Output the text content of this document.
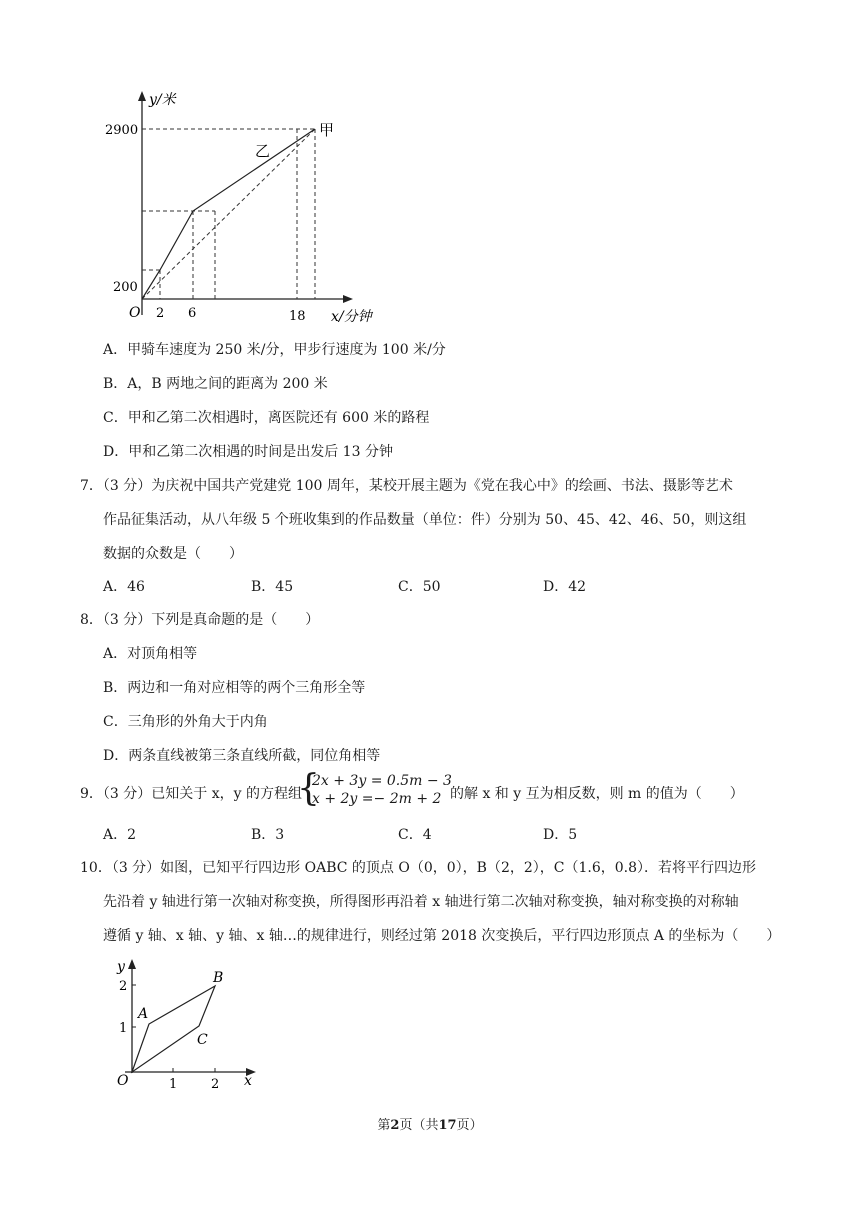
y/米
2900
200
O 2 6	18 x/分钟
甲
乙
A．甲骑车速度为 250 米/分，甲步行速度为 100 米/分
B．A，B 两地之间的距离为 200 米
C．甲和乙第二次相遇时，离医院还有 600 米的路程
D．甲和乙第二次相遇的时间是出发后 13 分钟
7．（3 分）为庆祝中国共产党建党 100 周年，某校开展主题为《党在我心中》的绘画、书法、摄影等艺术
作品征集活动，从八年级 5 个班收集到的作品数量（单位：件）分别为 50、45、42、46、50，则这组
数据的众数是（　　）
A．46	B．45	C．50	D．42
8．（3 分）下列是真命题的是（　　）
A．对顶角相等
B．两边和一角对应相等的两个三角形全等
C．三角形的外角大于内角
D．两条直线被第三条直线所截，同位角相等
9．（3 分）已知关于 x，y 的方程组
{
2x + 3y = 0.5m − 3
x + 2y =− 2m + 2 的解 x 和 y 互为相反数，则 m 的值为（　　）
A．2	B．3	C．4	D．5
10．（3 分）如图，已知平行四边形 OABC 的顶点 O（0，0），B（2，2），C（1.6，0.8）．若将平行四边形
先沿着 y 轴进行第一次轴对称变换，所得图形再沿着 x 轴进行第二次轴对称变换，轴对称变换的对称轴
遵循 y 轴、x 轴、y 轴、x 轴…的规律进行，则经过第 2018 次变换后，平行四边形顶点 A 的坐标为（　　）
y
2
1
O	1	2 x
A
B
C
第2页（共17页）
